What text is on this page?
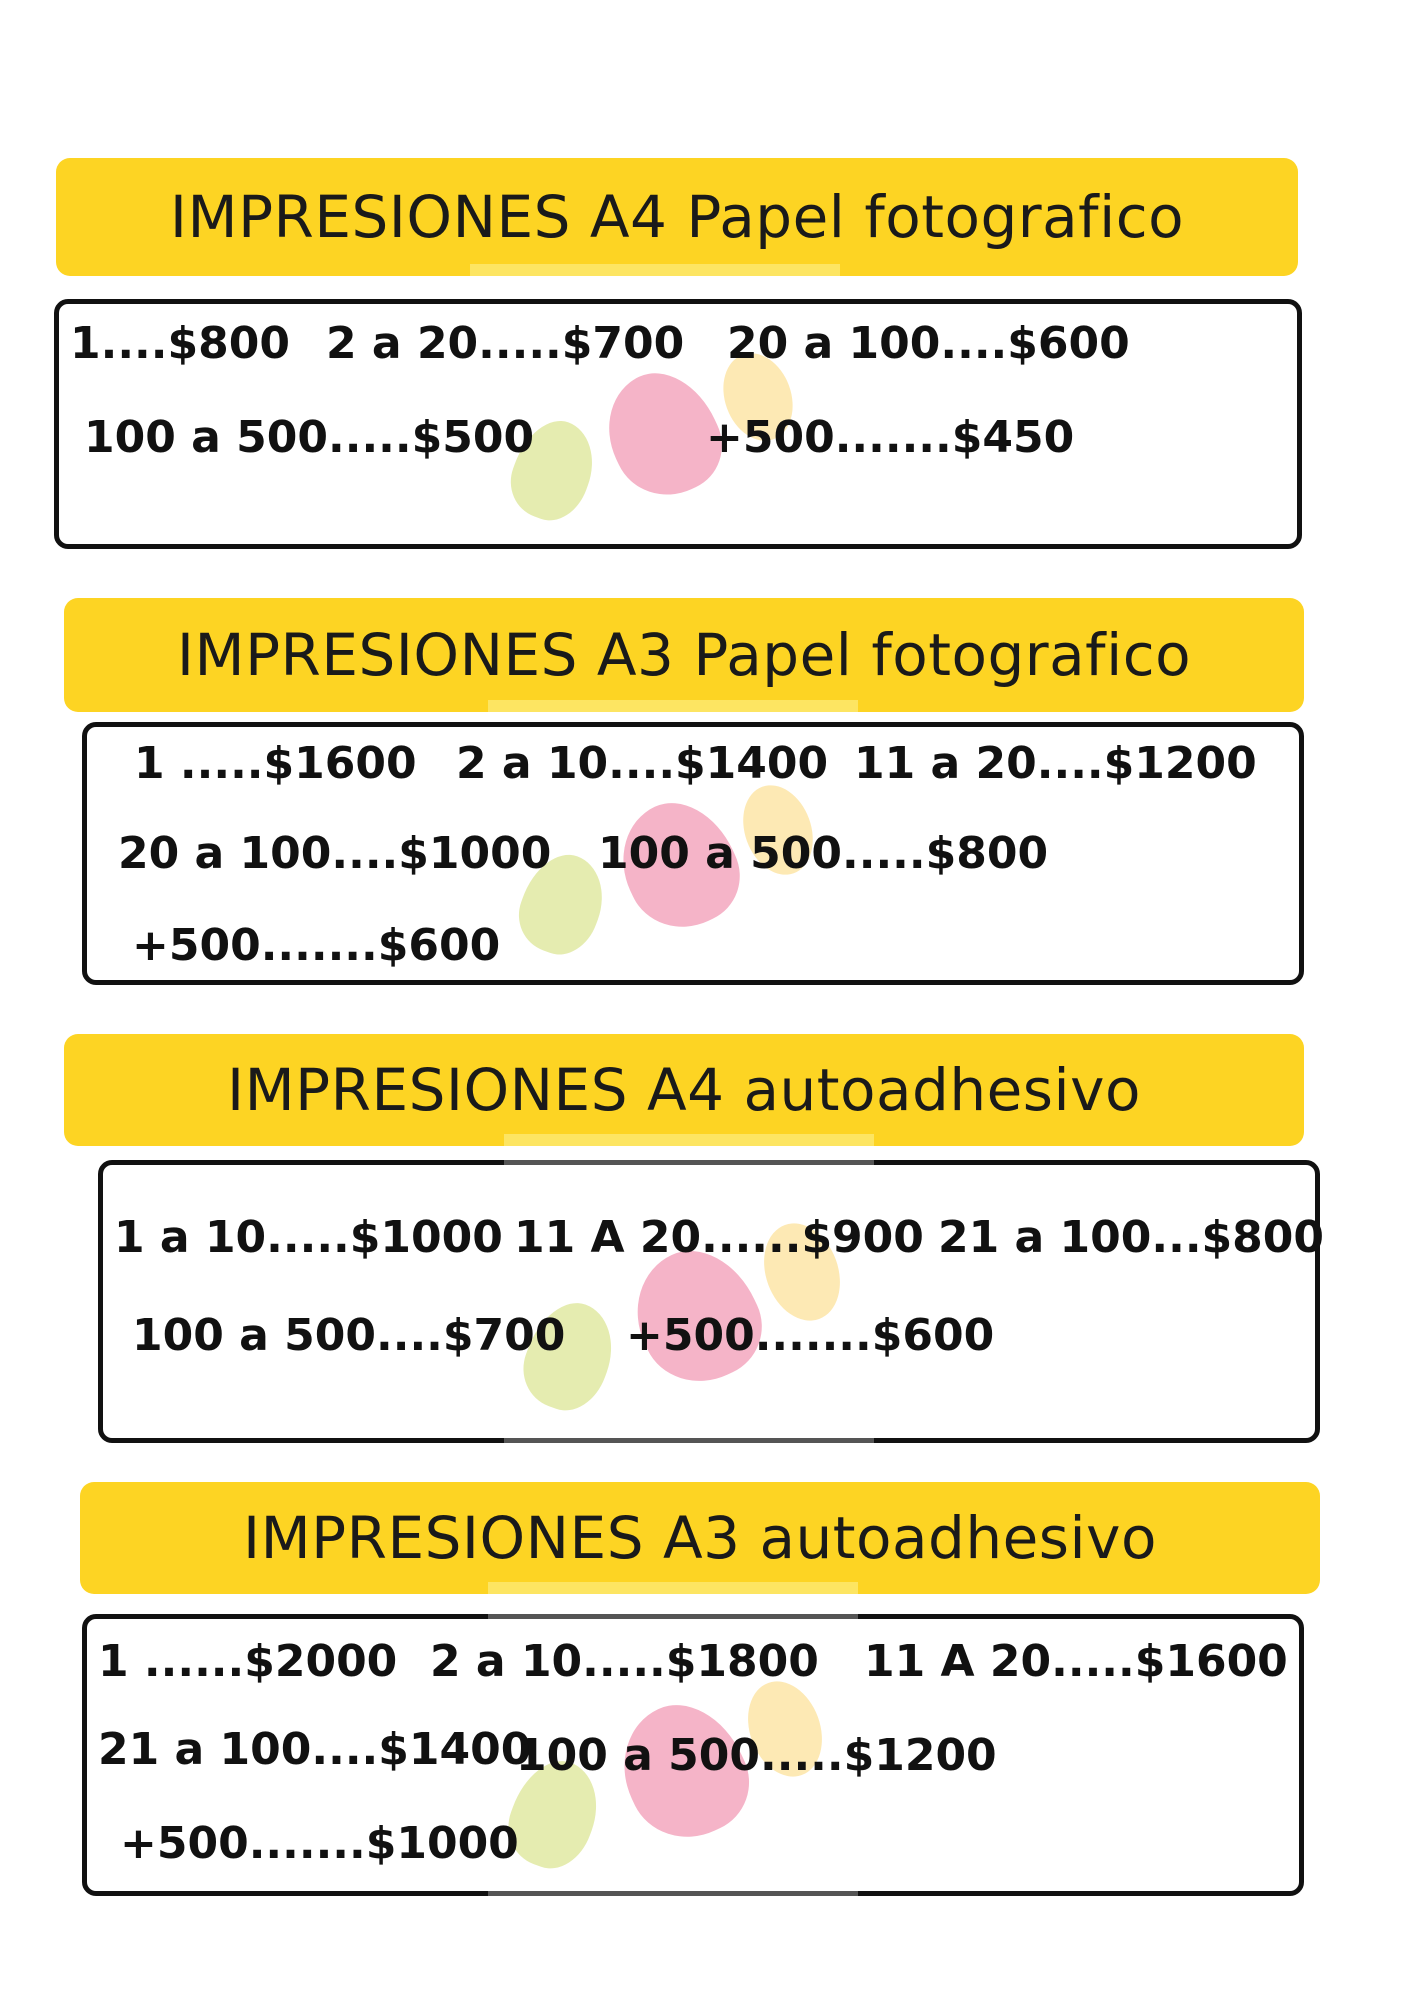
IMPRESIONES A4 Papel fotografico
1....$800 2 a 20.....$700 20 a 100....$600
100 a 500.....$500	+500.......$450
IMPRESIONES A3 Papel fotografico
1 .....$1600 2 a 10....$1400 11 a 20....$1200
20 a 100....$1000 100 a 500.....$800
+500.......$600
IMPRESIONES A4 autoadhesivo
1 a 10.....$1000 11 A 20......$900 21 a 100...$800
100 a 500....$700 +500.......$600
IMPRESIONES A3 autoadhesivo
1 ......$2000 2 a 10.....$1800 11 A 20.....$1600
21 a 100....$1400
100 a 500.....$1200
+500.......$1000
